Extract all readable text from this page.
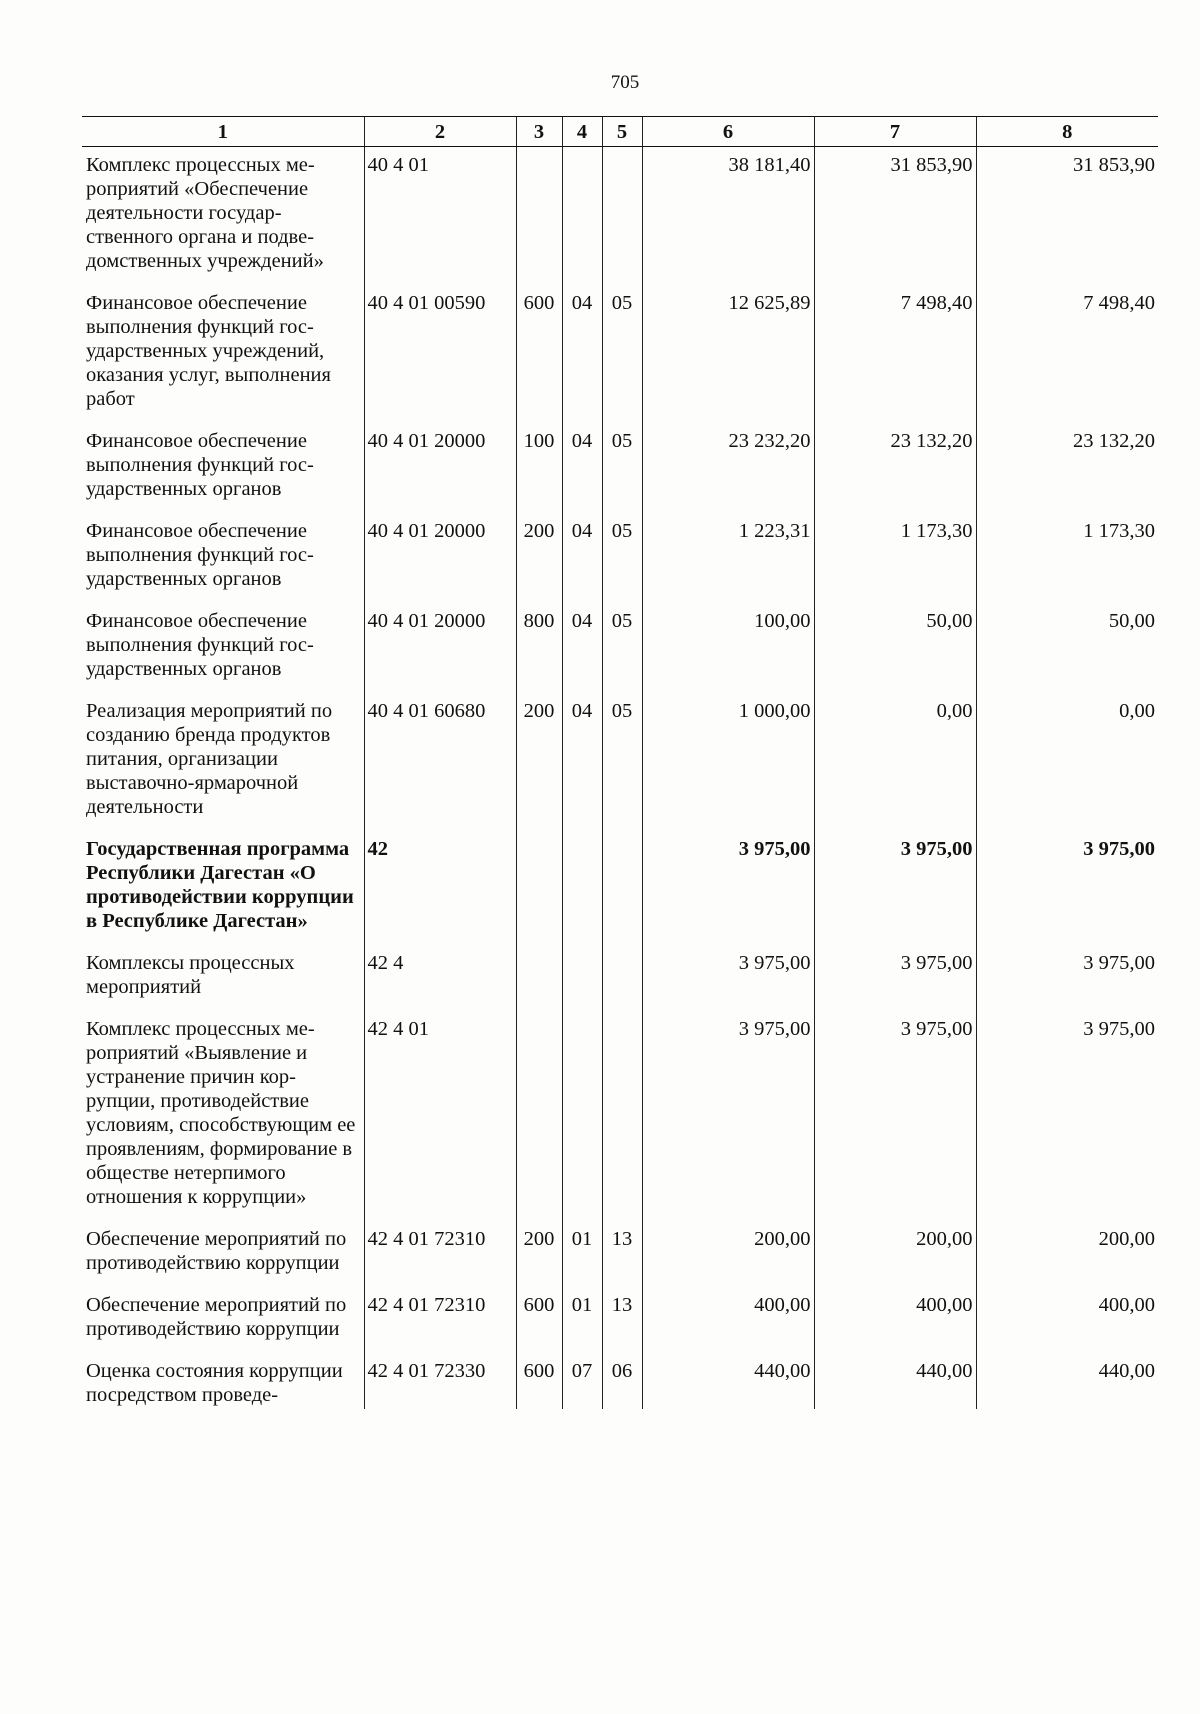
705
1	2	3	4	5	6	7	8
Комплекс процессных мероприятий «Обеспечение деятельности государственного органа и подведомственных учреждений»	40 4 01				38 181,40	31 853,90	31 853,90
Финансовое обеспечение выполнения функций государственных учреждений, оказания услуг, выполнения работ	40 4 01 00590	600	04	05	12 625,89	7 498,40	7 498,40
Финансовое обеспечение выполнения функций государственных органов	40 4 01 20000	100	04	05	23 232,20	23 132,20	23 132,20
Финансовое обеспечение выполнения функций государственных органов	40 4 01 20000	200	04	05	1 223,31	1 173,30	1 173,30
Финансовое обеспечение выполнения функций государственных органов	40 4 01 20000	800	04	05	100,00	50,00	50,00
Реализация мероприятий по созданию бренда продуктов питания, организации выставочно-ярмарочной деятельности	40 4 01 60680	200	04	05	1 000,00	0,00	0,00
Государственная программа Республики Дагестан «О противодействии коррупции в Республике Дагестан»	42				3 975,00	3 975,00	3 975,00
Комплексы процессных мероприятий	42 4				3 975,00	3 975,00	3 975,00
Комплекс процессных мероприятий «Выявление и устранение причин коррупции, противодействие условиям, способствующим ее проявлениям, формирование в обществе нетерпимого отношения к коррупции»	42 4 01				3 975,00	3 975,00	3 975,00
Обеспечение мероприятий по противодействию коррупции	42 4 01 72310	200	01	13	200,00	200,00	200,00
Обеспечение мероприятий по противодействию коррупции	42 4 01 72310	600	01	13	400,00	400,00	400,00
Оценка состояния коррупции посредством проведе-	42 4 01 72330	600	07	06	440,00	440,00	440,00
